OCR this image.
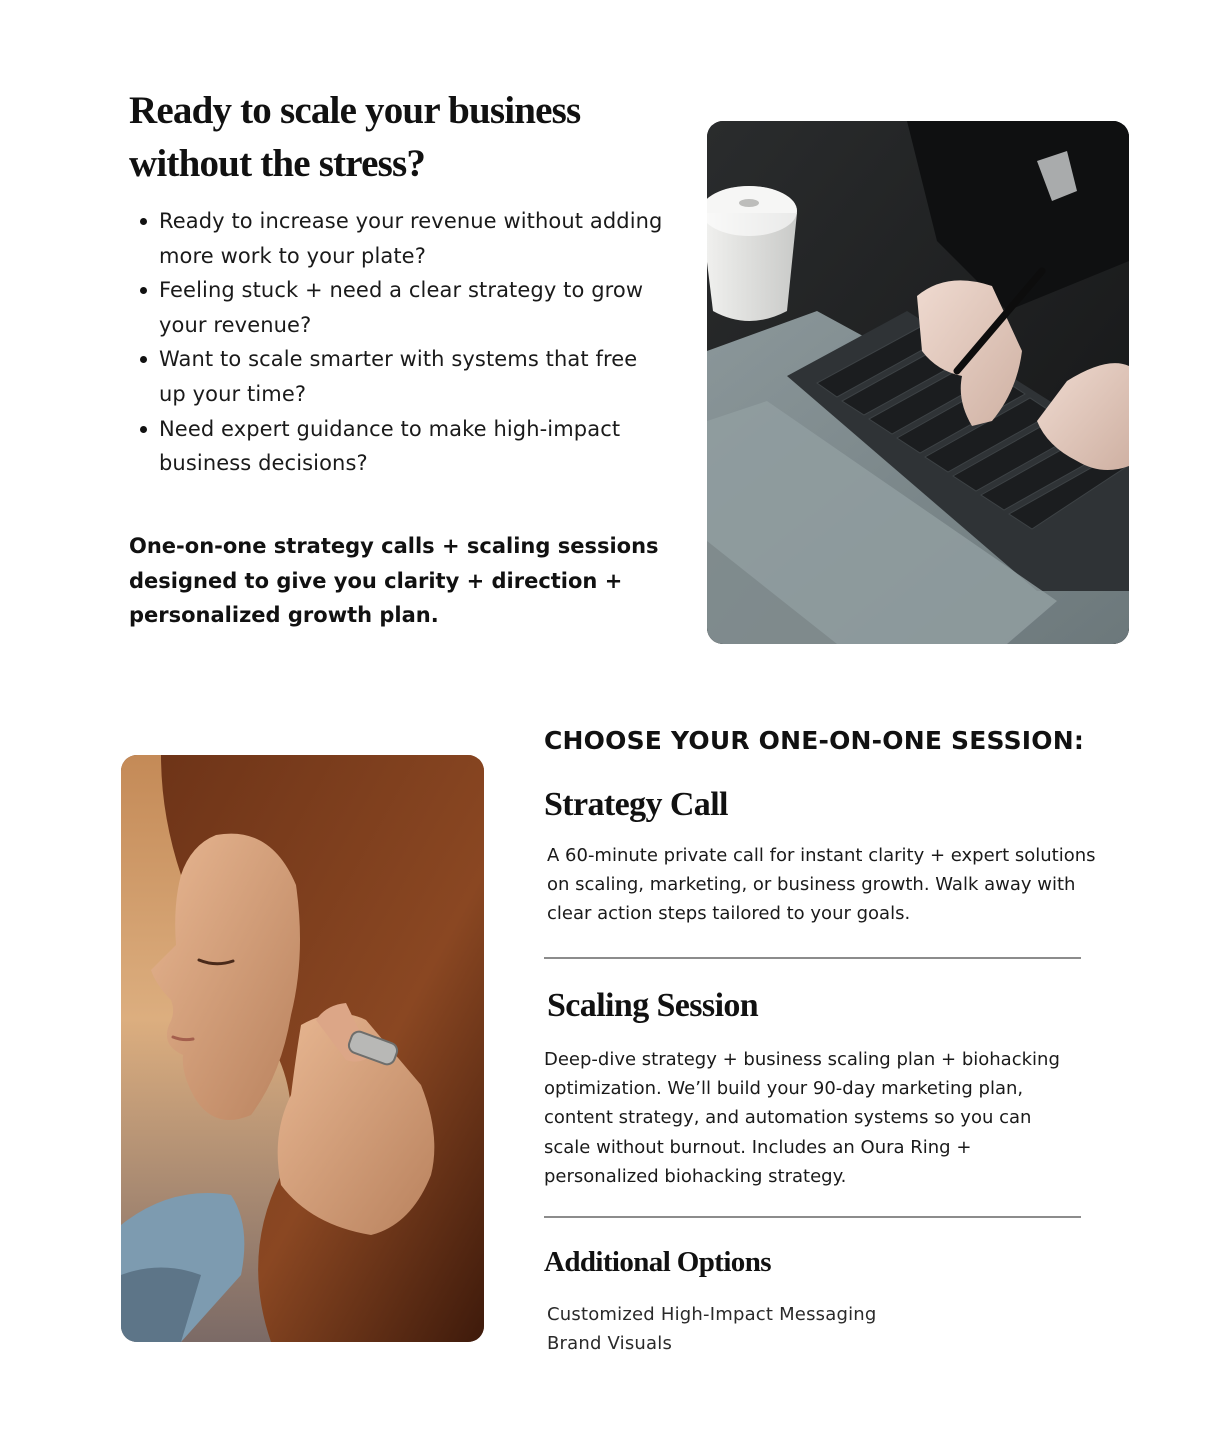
Ready to scale your business
without the stress?
Ready to increase your revenue without adding more work to your plate?
Feeling stuck + need a clear strategy to grow your revenue?
Want to scale smarter with systems that free up your time?
Need expert guidance to make high-impact business decisions?

One-on-one strategy calls + scaling sessions designed to give you clarity + direction + personalized growth plan.

CHOOSE YOUR ONE-ON-ONE SESSION:
Strategy Call

A 60-minute private call for instant clarity + expert solutions on scaling, marketing, or business growth. Walk away with clear action steps tailored to your goals.

Scaling Session

Deep-dive strategy + business scaling plan + biohacking optimization. We’ll build your 90-day marketing plan, content strategy, and automation systems so you can scale without burnout. Includes an Oura Ring + personalized biohacking strategy.

Additional Options
Customized High-Impact Messaging
Brand Visuals
